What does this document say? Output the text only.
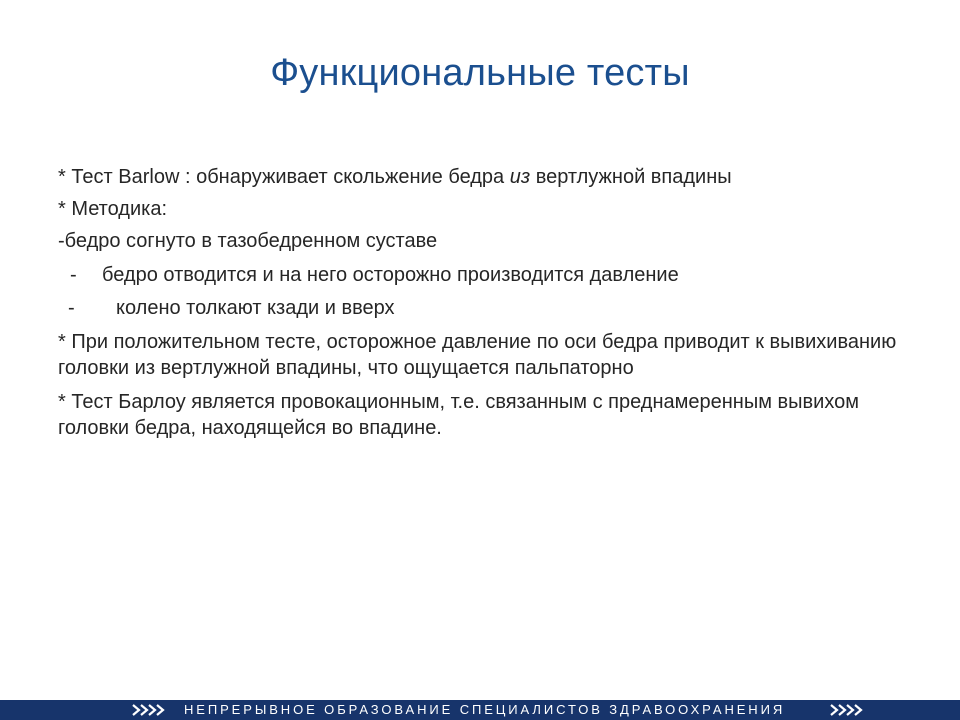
Функциональные тесты

* Тест Barlow : обнаруживает скольжение бедра из вертлужной впадины

* Методика:

-бедро согнуто в тазобедренном суставе

-	бедро отводится и на него осторожно производится давление
-	колено толкают кзади и вверх

* При положительном тесте, осторожное давление по оси бедра приводит к вывихиванию головки из вертлужной впадины, что ощущается пальпаторно

* Тест Барлоу является провокационным, т.е. связанным с преднамеренным вывихом головки бедра, находящейся во впадине.

НЕПРЕРЫВНОЕ ОБРАЗОВАНИЕ СПЕЦИАЛИСТОВ ЗДРАВООХРАНЕНИЯ
